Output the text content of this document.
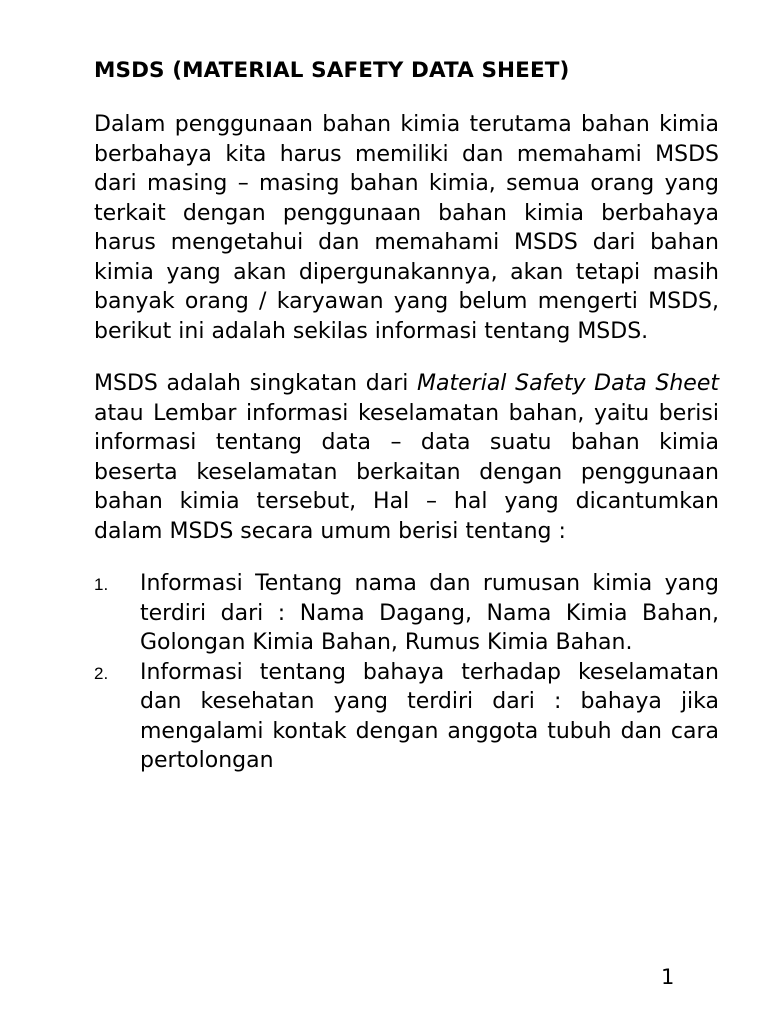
MSDS (MATERIAL SAFETY DATA SHEET)

Dalam penggunaan bahan kimia terutama bahan kimia berbahaya kita harus memiliki dan memahami MSDS dari masing – masing bahan kimia, semua orang yang terkait dengan penggunaan bahan kimia berbahaya harus mengetahui dan memahami MSDS dari bahan kimia yang akan dipergunakannya, akan tetapi masih banyak orang / karyawan yang belum mengerti MSDS, berikut ini adalah sekilas informasi tentang MSDS.

MSDS adalah singkatan dari Material Safety Data Sheet atau Lembar informasi keselamatan bahan, yaitu berisi informasi tentang data – data suatu bahan kimia beserta keselamatan berkaitan dengan penggunaan bahan kimia tersebut, Hal – hal yang dicantumkan dalam MSDS secara umum berisi tentang :

1. Informasi Tentang nama dan rumusan kimia yang terdiri dari : Nama Dagang, Nama Kimia Bahan, Golongan Kimia Bahan, Rumus Kimia Bahan.
2. Informasi tentang bahaya terhadap keselamatan dan kesehatan yang terdiri dari : bahaya jika mengalami kontak dengan anggota tubuh dan cara pertolongan
1
